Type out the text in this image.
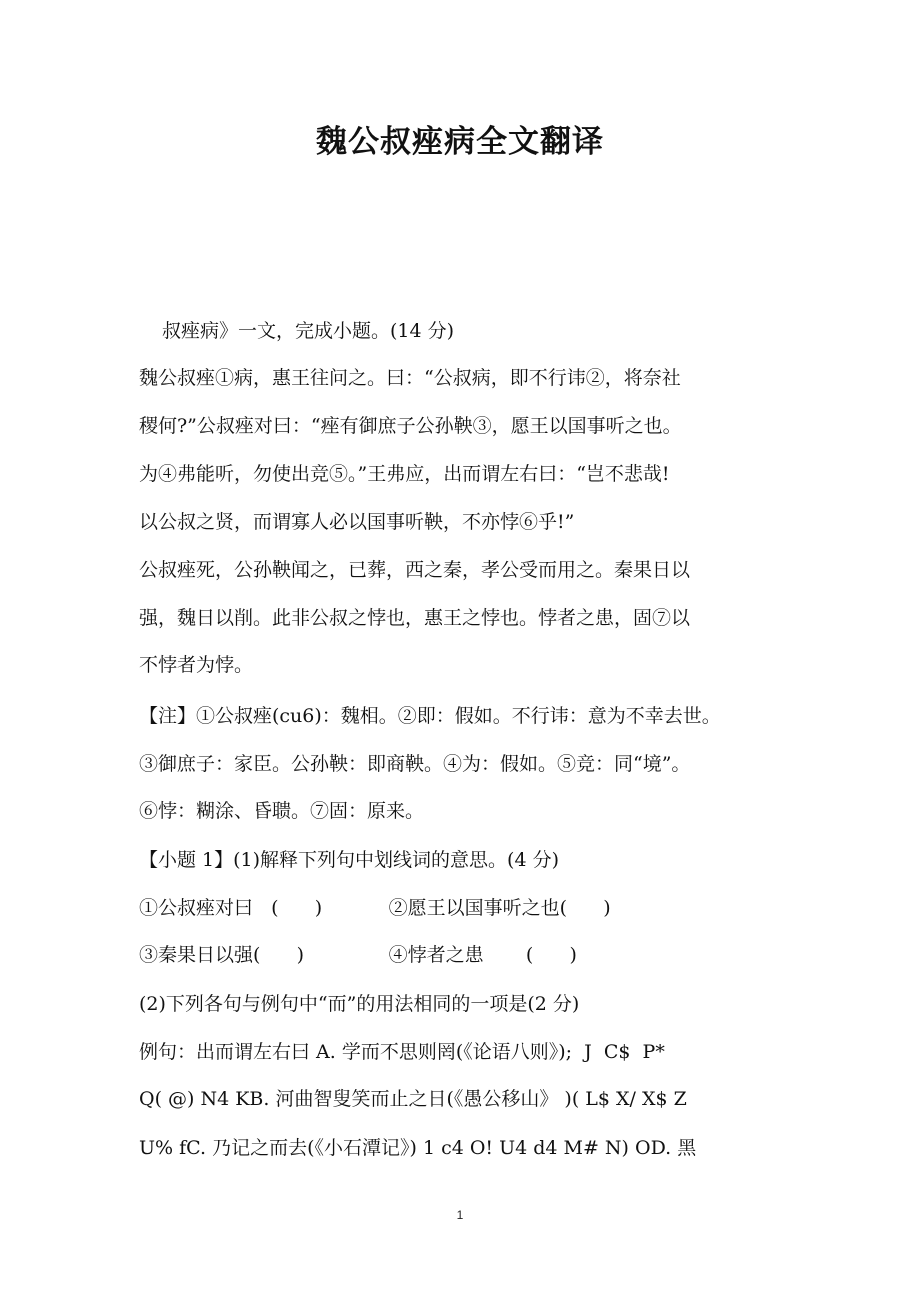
魏公叔痤病全文翻译

叔痤病》一文，完成小题。(14 分)

魏公叔痤①病，惠王往问之。曰：“公叔病，即不行讳②，将奈社

稷何?”公叔痤对曰：“痤有御庶子公孙鞅③，愿王以国事听之也。

为④弗能听，勿使出竞⑤。”王弗应，出而谓左右曰：“岂不悲哉!

以公叔之贤，而谓寡人必以国事听鞅，不亦悖⑥乎!”

公叔痤死，公孙鞅闻之，已葬，西之秦，孝公受而用之。秦果日以

强，魏日以削。此非公叔之悖也，惠王之悖也。悖者之患，固⑦以

不悖者为悖。

【注】①公叔痤(cu6)：魏相。②即：假如。不行讳：意为不幸去世。

③御庶子：家臣。公孙鞅：即商鞅。④为：假如。⑤竞：同“境”。

⑥悖：糊涂、昏聩。⑦固：原来。

【小题 1】(1)解释下列句中划线词的意思。(4 分)

①公叔痤对曰   (      )           ②愿王以国事听之也(      )

③秦果日以强(      )              ④悖者之患       (      )

(2)下列各句与例句中“而”的用法相同的一项是(2 分)

例句：出而谓左右曰 A. 学而不思则罔(《论语八则》);  J  C$  P*

Q( @) N4 KB. 河曲智叟笑而止之日(《愚公移山》 )( L$ X/ X$ Z

U% fC. 乃记之而去(《小石潭记》) 1 c4 O! U4 d4 M# N) OD. 黑

1
